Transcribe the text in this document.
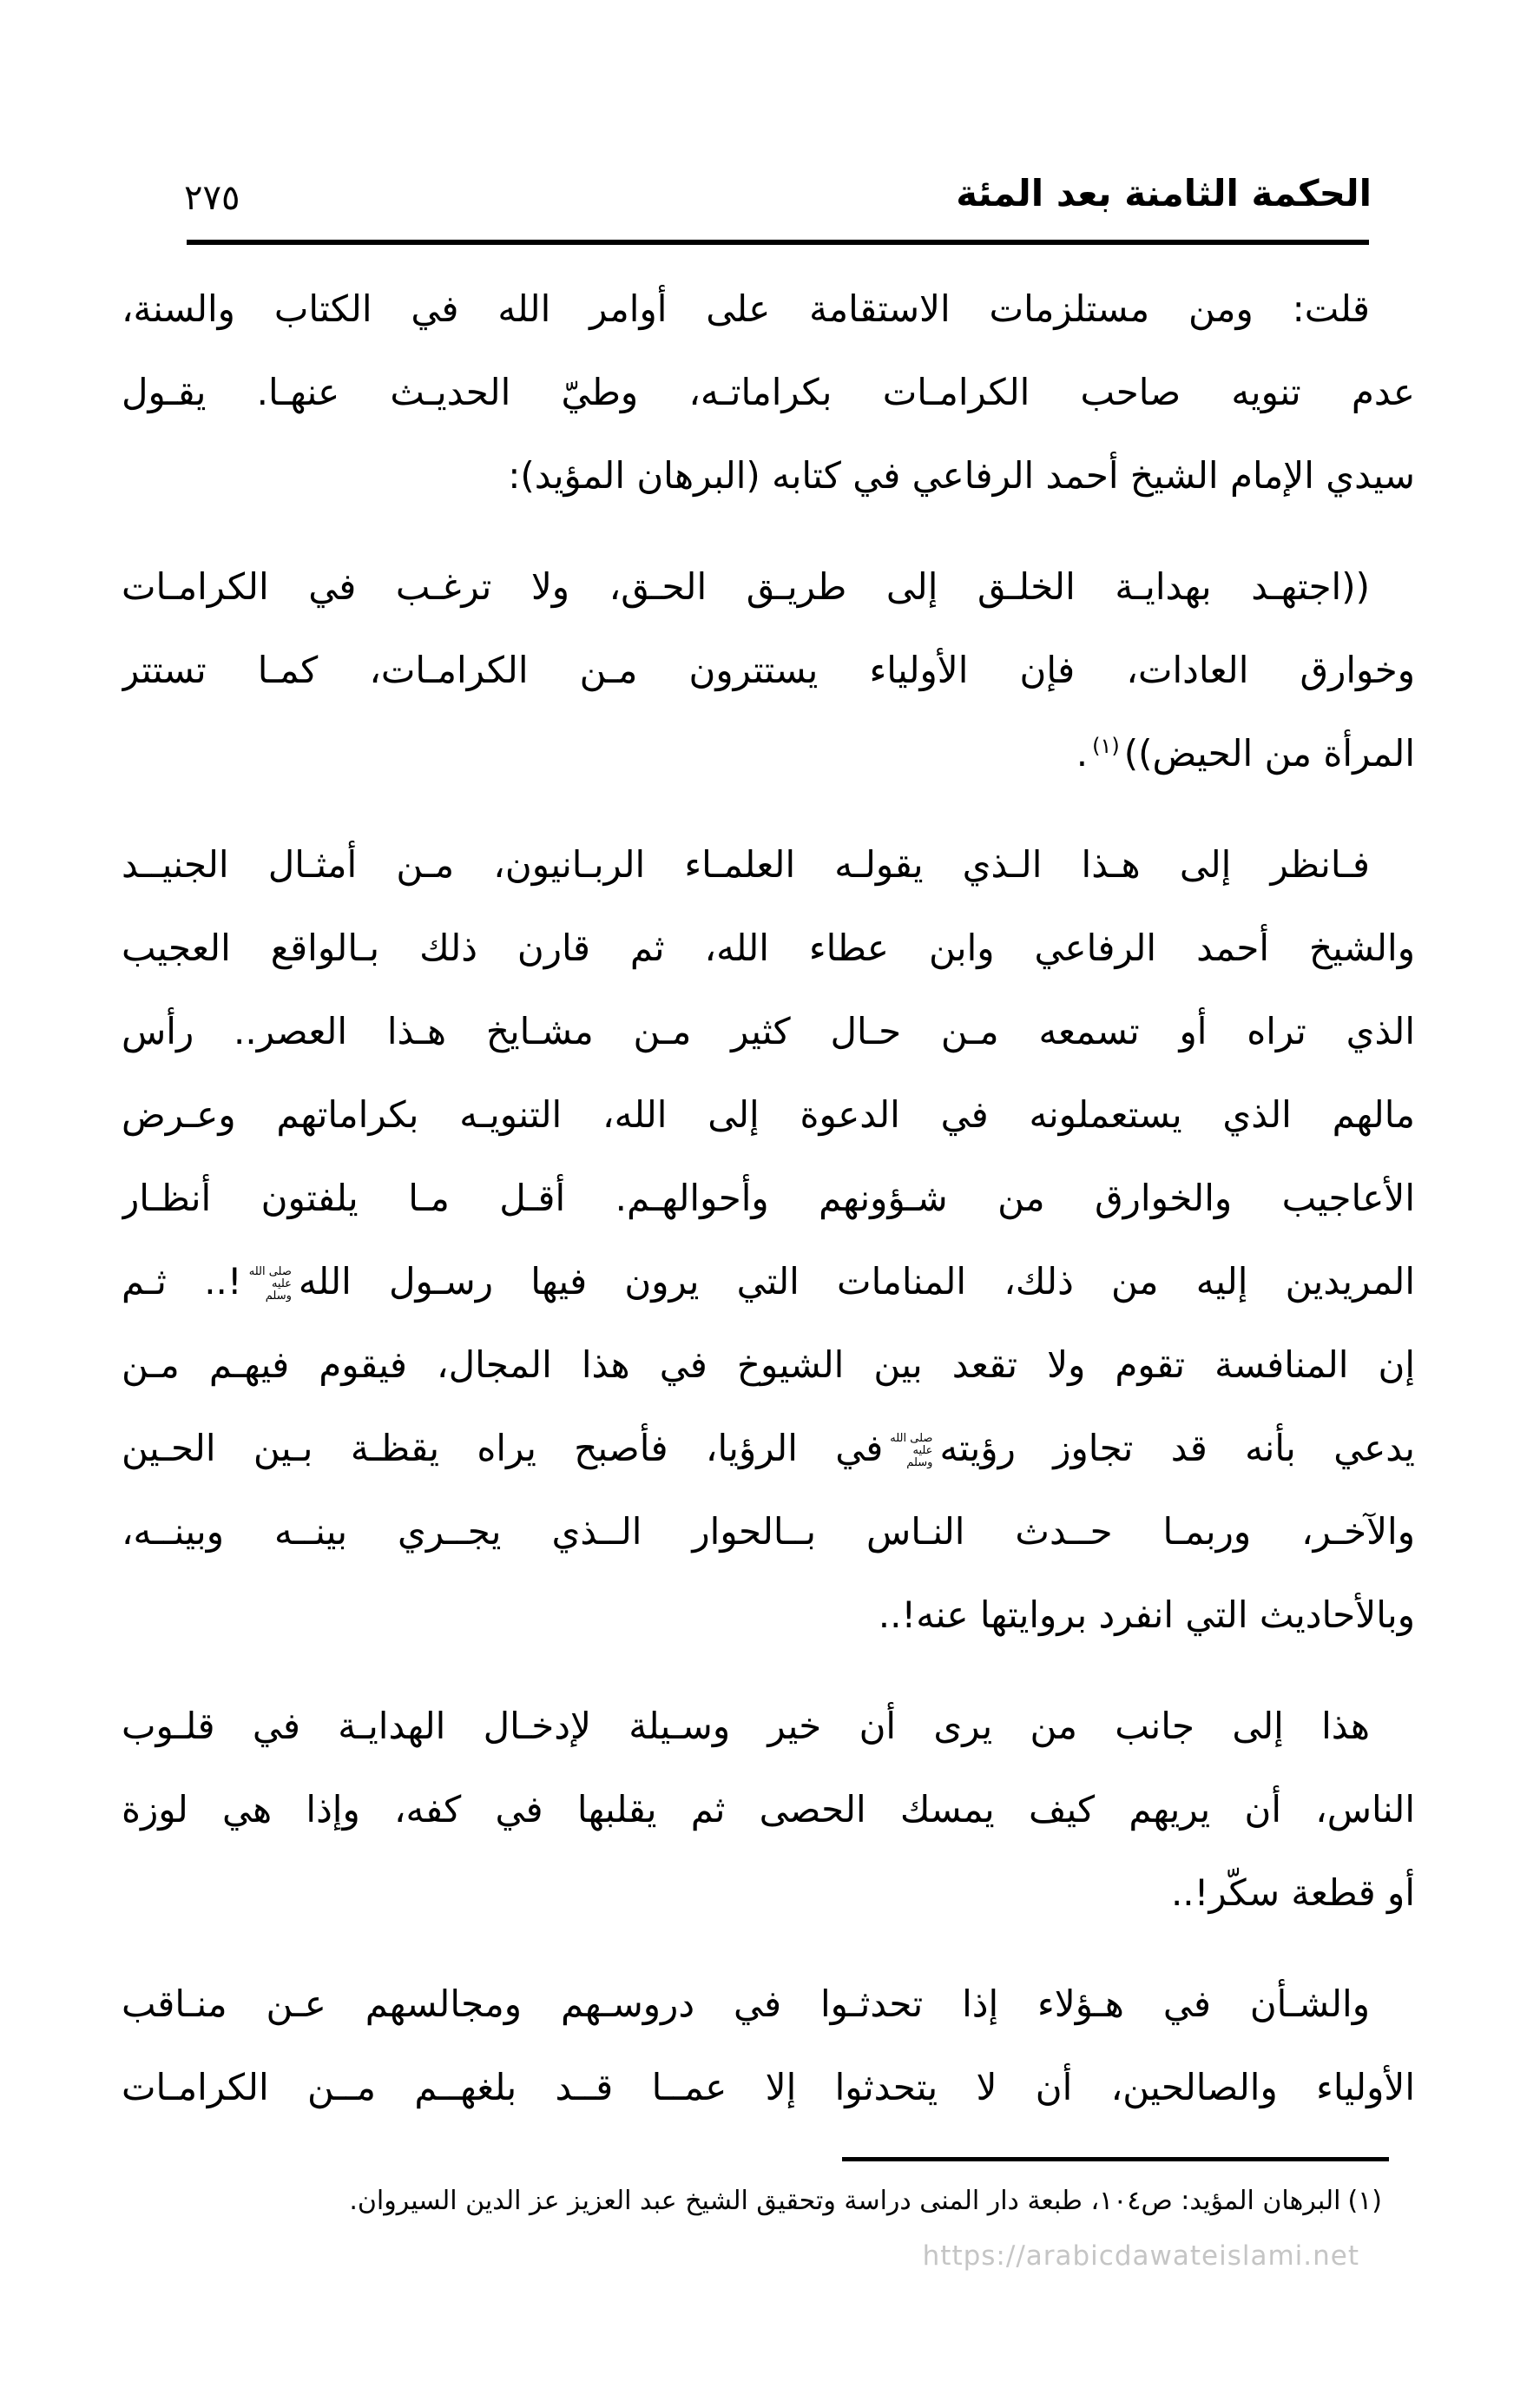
٢٧٥	الحكمة الثامنة بعد المئة
قلت: ومن مستلزمات الاستقامة على أوامر الله في الكتاب والسنة،
عدم تنويه صاحب الكرامـات بكراماتـه، وطيّ الحديـث عنهـا. يقـول
سيدي الإمام الشيخ أحمد الرفاعي في كتابه (البرهان المؤيد):
((اجتهـد بهدايـة الخلـق إلى طريـق الحـق، ولا ترغـب في الكرامـات
وخوارق العادات، فإن الأولياء يستترون مـن الكرامـات، كمـا تستتر
المرأة من الحيض))$^{(١)}$.
فـانظر إلى هـذا الـذي يقولـه العلمـاء الربـانيون، مـن أمثـال الجنيــد
والشيخ أحمد الرفاعي وابن عطاء الله، ثم قارن ذلك بـالواقع العجيب
الذي تراه أو تسمعه مـن حـال كثير مـن مشـايخ هـذا العصر.. رأس
مالهم الذي يستعملونه في الدعوة إلى الله، التنويـه بكراماتهم وعـرض
الأعاجيب والخوارق من شـؤونهم وأحوالهـم. أقـل مـا يلفتون أنظـار
المريدين إليه من ذلك، المنامات التي يرون فيها رسـول الله
صلى الله
عليه
وسلم
!.. ثـم
إن المنافسة تقوم ولا تقعد بين الشيوخ في هذا المجال، فيقوم فيهـم مـن
يدعي بأنه قد تجاوز رؤيته
صلى الله
عليه
وسلم
في الرؤيا، فأصبح يراه يقظـة بـين الحـين
والآخـر، وربمـا حــدث النـاس بــالحوار الــذي يجــري بينــه وبينــه،
وبالأحاديث التي انفرد بروايتها عنه!..
هذا إلى جانب من يرى أن خير وسـيلة لإدخـال الهدايـة في قلـوب
الناس، أن يريهم كيف يمسك الحصى ثم يقلبها في كفه، وإذا هي لوزة
أو قطعة سكّر!..
والشـأن في هـؤلاء إذا تحدثـوا في دروسـهم ومجالسهم عـن منـاقب
الأولياء والصالحين، أن لا يتحدثوا إلا عمــا قــد بلغهــم مــن الكرامـات
(١)البرهان المؤيد: ص١٠٤، طبعة دار المنى دراسة وتحقيق الشيخ عبد العزيز عز الدين السيروان.
https://arabicdawateislami.net
